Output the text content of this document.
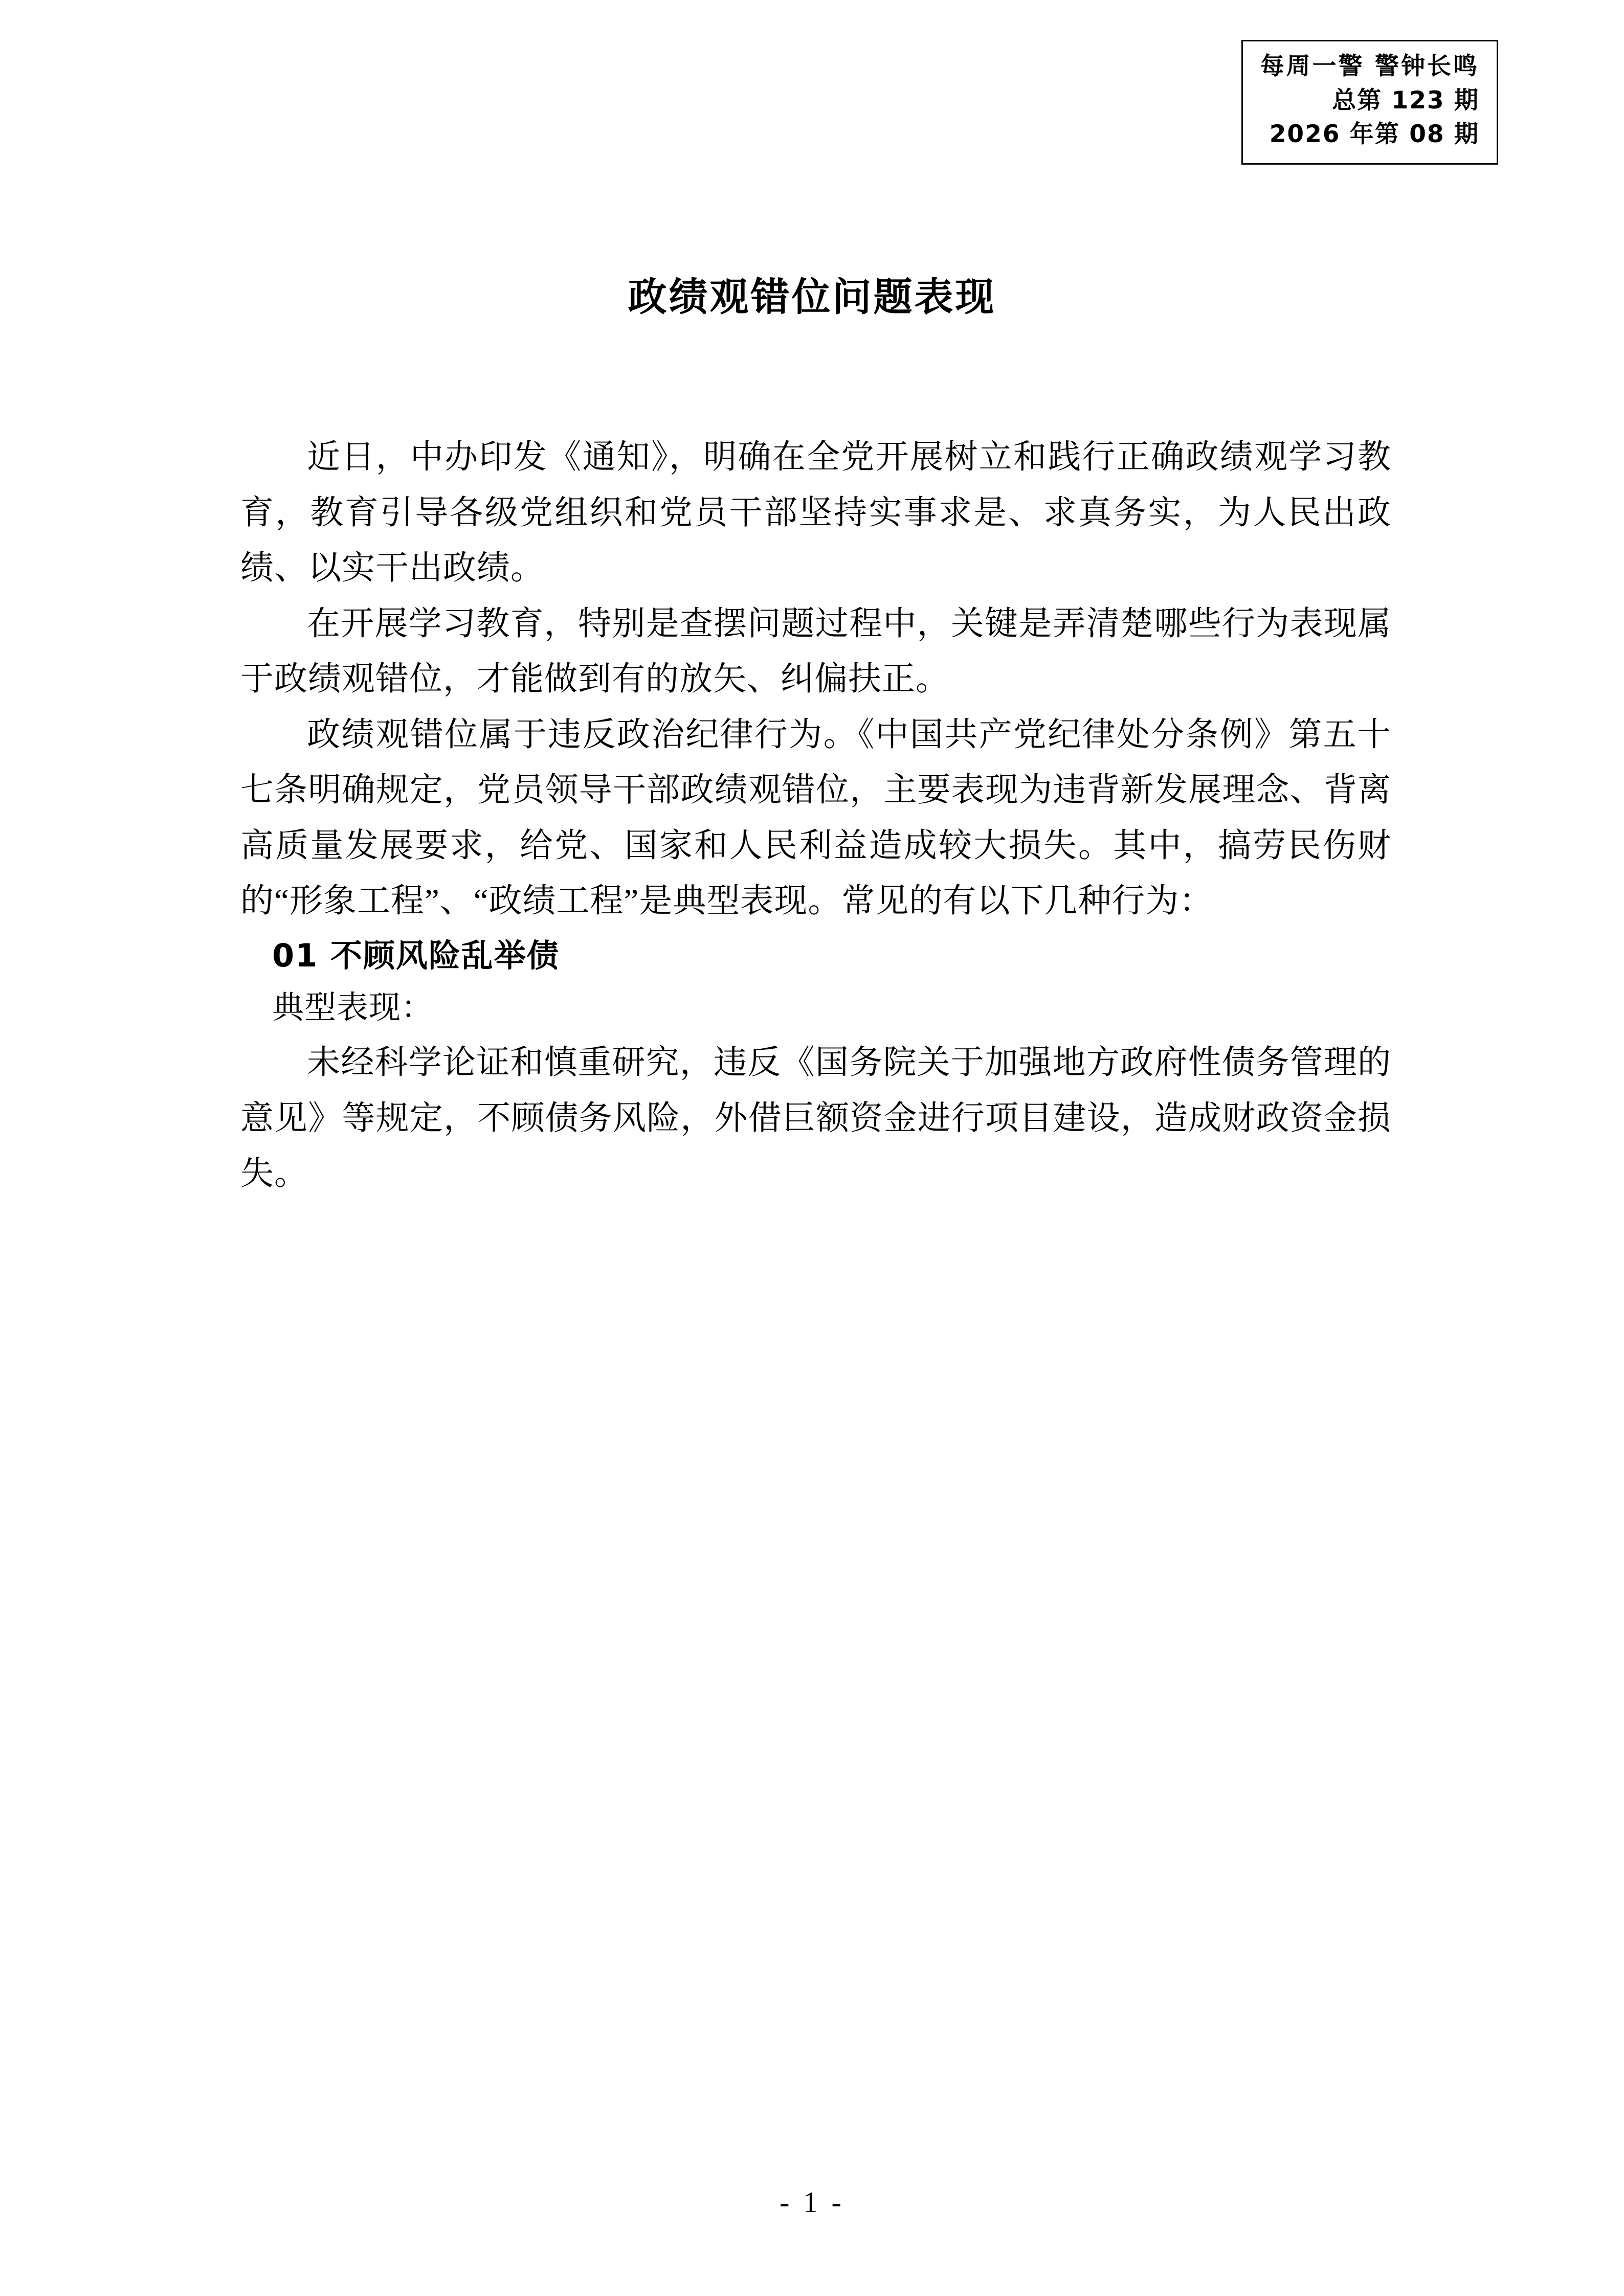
每周一警 警钟长鸣
总第 123 期
2026 年第 08 期
政绩观错位问题表现

近日，中办印发《通知》，明确在全党开展树立和践行正确政绩观学习教育，教育引导各级党组织和党员干部坚持实事求是、求真务实，为人民出政绩、以实干出政绩。

在开展学习教育，特别是查摆问题过程中，关键是弄清楚哪些行为表现属于政绩观错位，才能做到有的放矢、纠偏扶正。

政绩观错位属于违反政治纪律行为。《中国共产党纪律处分条例》第五十七条明确规定，党员领导干部政绩观错位，主要表现为违背新发展理念、背离高质量发展要求，给党、国家和人民利益造成较大损失。其中，搞劳民伤财的“形象工程”、“政绩工程”是典型表现。常见的有以下几种行为：

01 不顾风险乱举债

典型表现：

未经科学论证和慎重研究，违反《国务院关于加强地方政府性债务管理的意见》等规定，不顾债务风险，外借巨额资金进行项目建设，造成财政资金损失。

- 1 -
